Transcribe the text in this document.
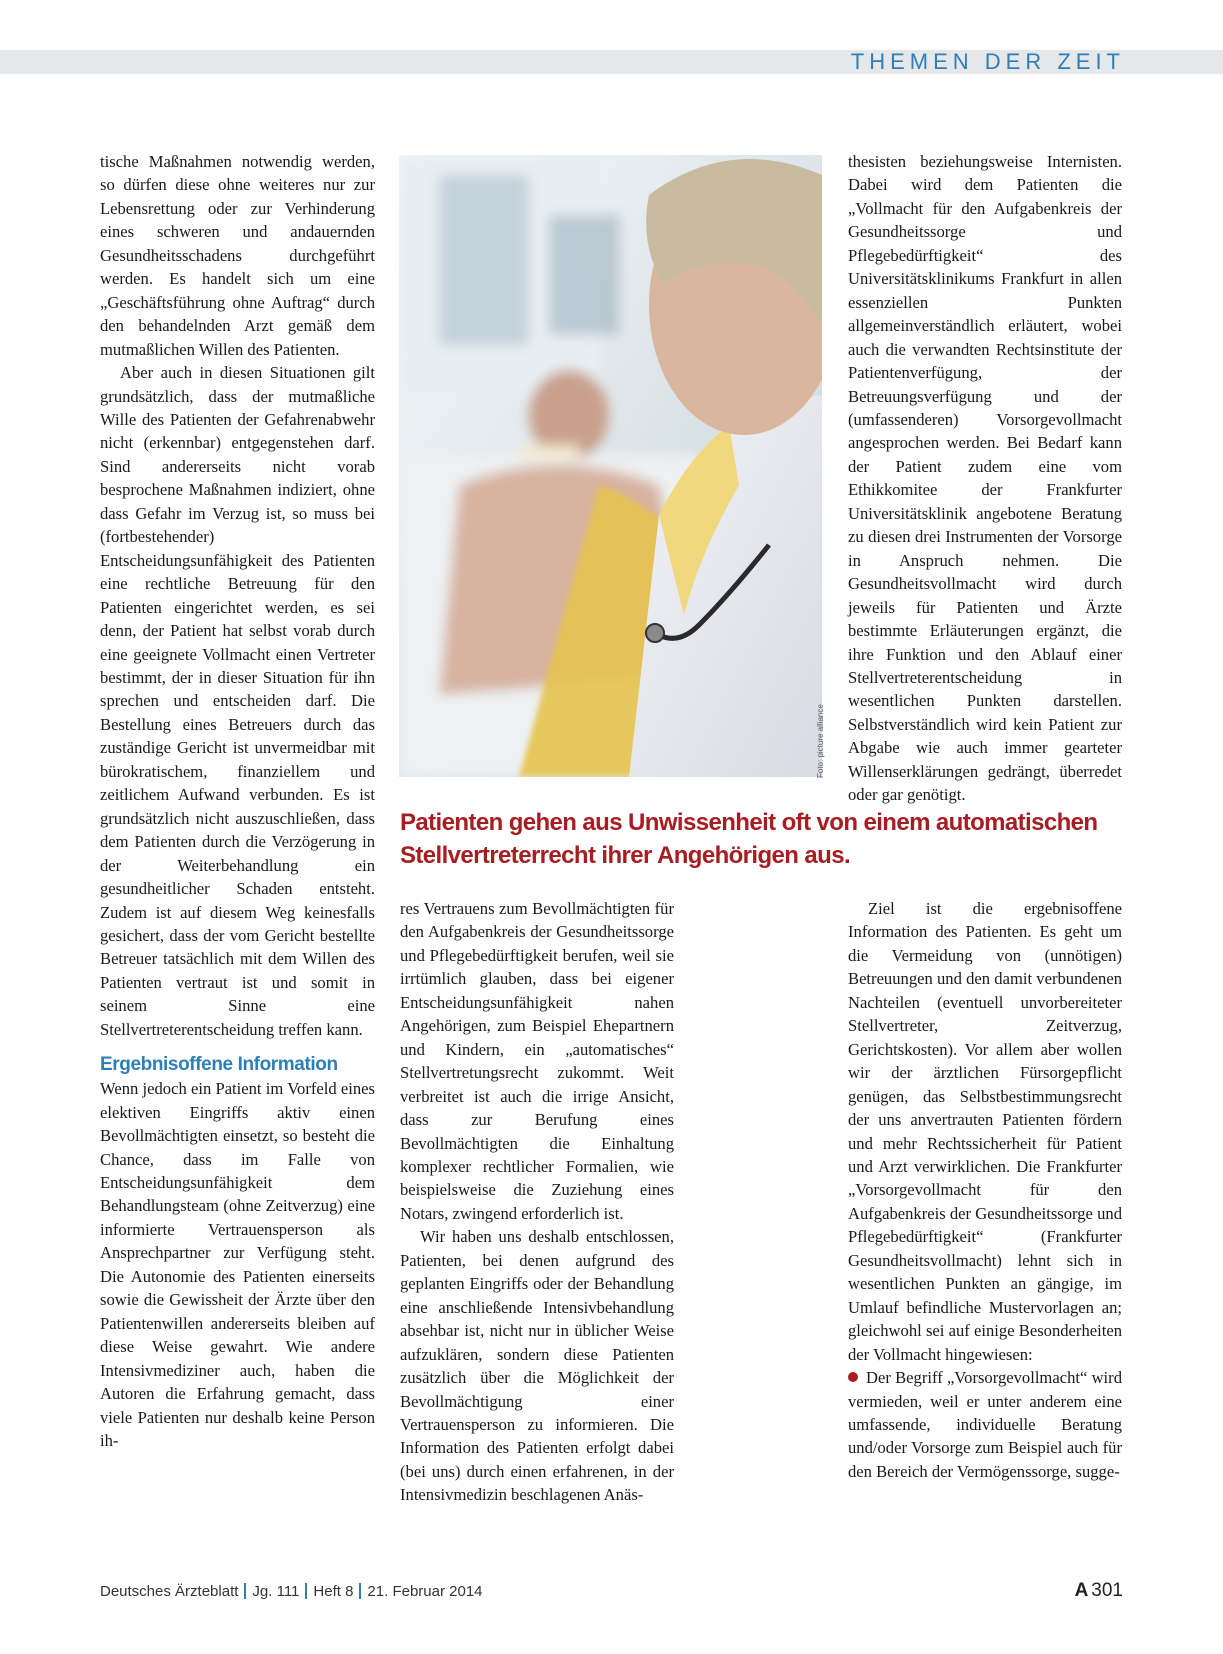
THEMEN DER ZEIT

tische Maßnahmen notwendig werden, so dürfen diese ohne weiteres nur zur Lebensrettung oder zur Verhinderung eines schweren und andauernden Gesundheitsschadens durchgeführt werden. Es handelt sich um eine „Geschäftsführung ohne Auftrag“ durch den behandelnden Arzt gemäß dem mutmaßlichen Willen des Patienten.

Aber auch in diesen Situationen gilt grundsätzlich, dass der mutmaßliche Wille des Patienten der Gefahrenabwehr nicht (erkennbar) entgegenstehen darf. Sind andererseits nicht vorab besprochene Maßnahmen indiziert, ohne dass Gefahr im Verzug ist, so muss bei (fortbestehender) Entscheidungsunfähigkeit des Patienten eine rechtliche Betreuung für den Patienten eingerichtet werden, es sei denn, der Patient hat selbst vorab durch eine geeignete Vollmacht einen Vertreter bestimmt, der in dieser Situation für ihn sprechen und entscheiden darf. Die Bestellung eines Betreuers durch das zuständige Gericht ist unvermeidbar mit bürokratischem, finanziellem und zeitlichem Aufwand verbunden. Es ist grundsätzlich nicht auszuschließen, dass dem Patienten durch die Verzögerung in der Weiterbehandlung ein gesundheitlicher Schaden entsteht. Zudem ist auf diesem Weg keinesfalls gesichert, dass der vom Gericht bestellte Betreuer tatsächlich mit dem Willen des Patienten vertraut ist und somit in seinem Sinne eine Stellvertreterentscheidung treffen kann.

Ergebnisoffene Information

Wenn jedoch ein Patient im Vorfeld eines elektiven Eingriffs aktiv einen Bevollmächtigten einsetzt, so besteht die Chance, dass im Falle von Entscheidungsunfähigkeit dem Behandlungsteam (ohne Zeitverzug) eine informierte Vertrauensperson als Ansprechpartner zur Verfügung steht. Die Autonomie des Patienten einerseits sowie die Gewissheit der Ärzte über den Patientenwillen andererseits bleiben auf diese Weise gewahrt. Wie andere Intensivmediziner auch, haben die Autoren die Erfahrung gemacht, dass viele Patienten nur deshalb keine Person ih-

Foto: picture alliance

thesisten beziehungsweise Internisten. Dabei wird dem Patienten die „Vollmacht für den Aufgabenkreis der Gesundheitssorge und Pflegebedürftigkeit“ des Universitätsklinikums Frankfurt in allen essenziellen Punkten allgemeinverständlich erläutert, wobei auch die verwandten Rechtsinstitute der Patientenverfügung, der Betreuungsverfügung und der (umfassenderen) Vorsorgevollmacht angesprochen werden. Bei Bedarf kann der Patient zudem eine vom Ethikkomitee der Frankfurter Universitätsklinik angebotene Beratung zu diesen drei Instrumenten der Vorsorge in Anspruch nehmen. Die Gesundheitsvollmacht wird durch jeweils für Patienten und Ärzte bestimmte Erläuterungen ergänzt, die ihre Funktion und den Ablauf einer Stellvertreterentscheidung in wesentlichen Punkten darstellen. Selbstverständlich wird kein Patient zur Abgabe wie auch immer gearteter Willenserklärungen gedrängt, überredet oder gar genötigt.

Patienten gehen aus Unwissenheit oft von einem automatischen Stellvertreterrecht ihrer Angehörigen aus.

res Vertrauens zum Bevollmächtigten für den Aufgabenkreis der Gesundheitssorge und Pflegebedürftigkeit berufen, weil sie irrtümlich glauben, dass bei eigener Entscheidungsunfähigkeit nahen Angehörigen, zum Beispiel Ehepartnern und Kindern, ein „automatisches“ Stellvertretungsrecht zukommt. Weit verbreitet ist auch die irrige Ansicht, dass zur Berufung eines Bevollmächtigten die Einhaltung komplexer rechtlicher Formalien, wie beispielsweise die Zuziehung eines Notars, zwingend erforderlich ist.

Wir haben uns deshalb entschlossen, Patienten, bei denen aufgrund des geplanten Eingriffs oder der Behandlung eine anschließende Intensivbehandlung absehbar ist, nicht nur in üblicher Weise aufzuklären, sondern diese Patienten zusätzlich über die Möglichkeit der Bevollmächtigung einer Vertrauensperson zu informieren. Die Information des Patienten erfolgt dabei (bei uns) durch einen erfahrenen, in der Intensivmedizin beschlagenen Anäs-

Ziel ist die ergebnisoffene Information des Patienten. Es geht um die Vermeidung von (unnötigen) Betreuungen und den damit verbundenen Nachteilen (eventuell unvorbereiteter Stellvertreter, Zeitverzug, Gerichtskosten). Vor allem aber wollen wir der ärztlichen Fürsorgepflicht genügen, das Selbstbestimmungsrecht der uns anvertrauten Patienten fördern und mehr Rechtssicherheit für Patient und Arzt verwirklichen. Die Frankfurter „Vorsorgevollmacht für den Aufgabenkreis der Gesundheitssorge und Pflegebedürftigkeit“ (Frankfurter Gesundheitsvollmacht) lehnt sich in wesentlichen Punkten an gängige, im Umlauf befindliche Mustervorlagen an; gleichwohl sei auf einige Besonderheiten der Vollmacht hingewiesen:

Der Begriff „Vorsorgevollmacht“ wird vermieden, weil er unter anderem eine umfassende, individuelle Beratung und/oder Vorsorge zum Beispiel auch für den Bereich der Vermögenssorge, sugge-

Deutsches Ärzteblatt Jg. 111 Heft 8 21. Februar 2014	A 301
